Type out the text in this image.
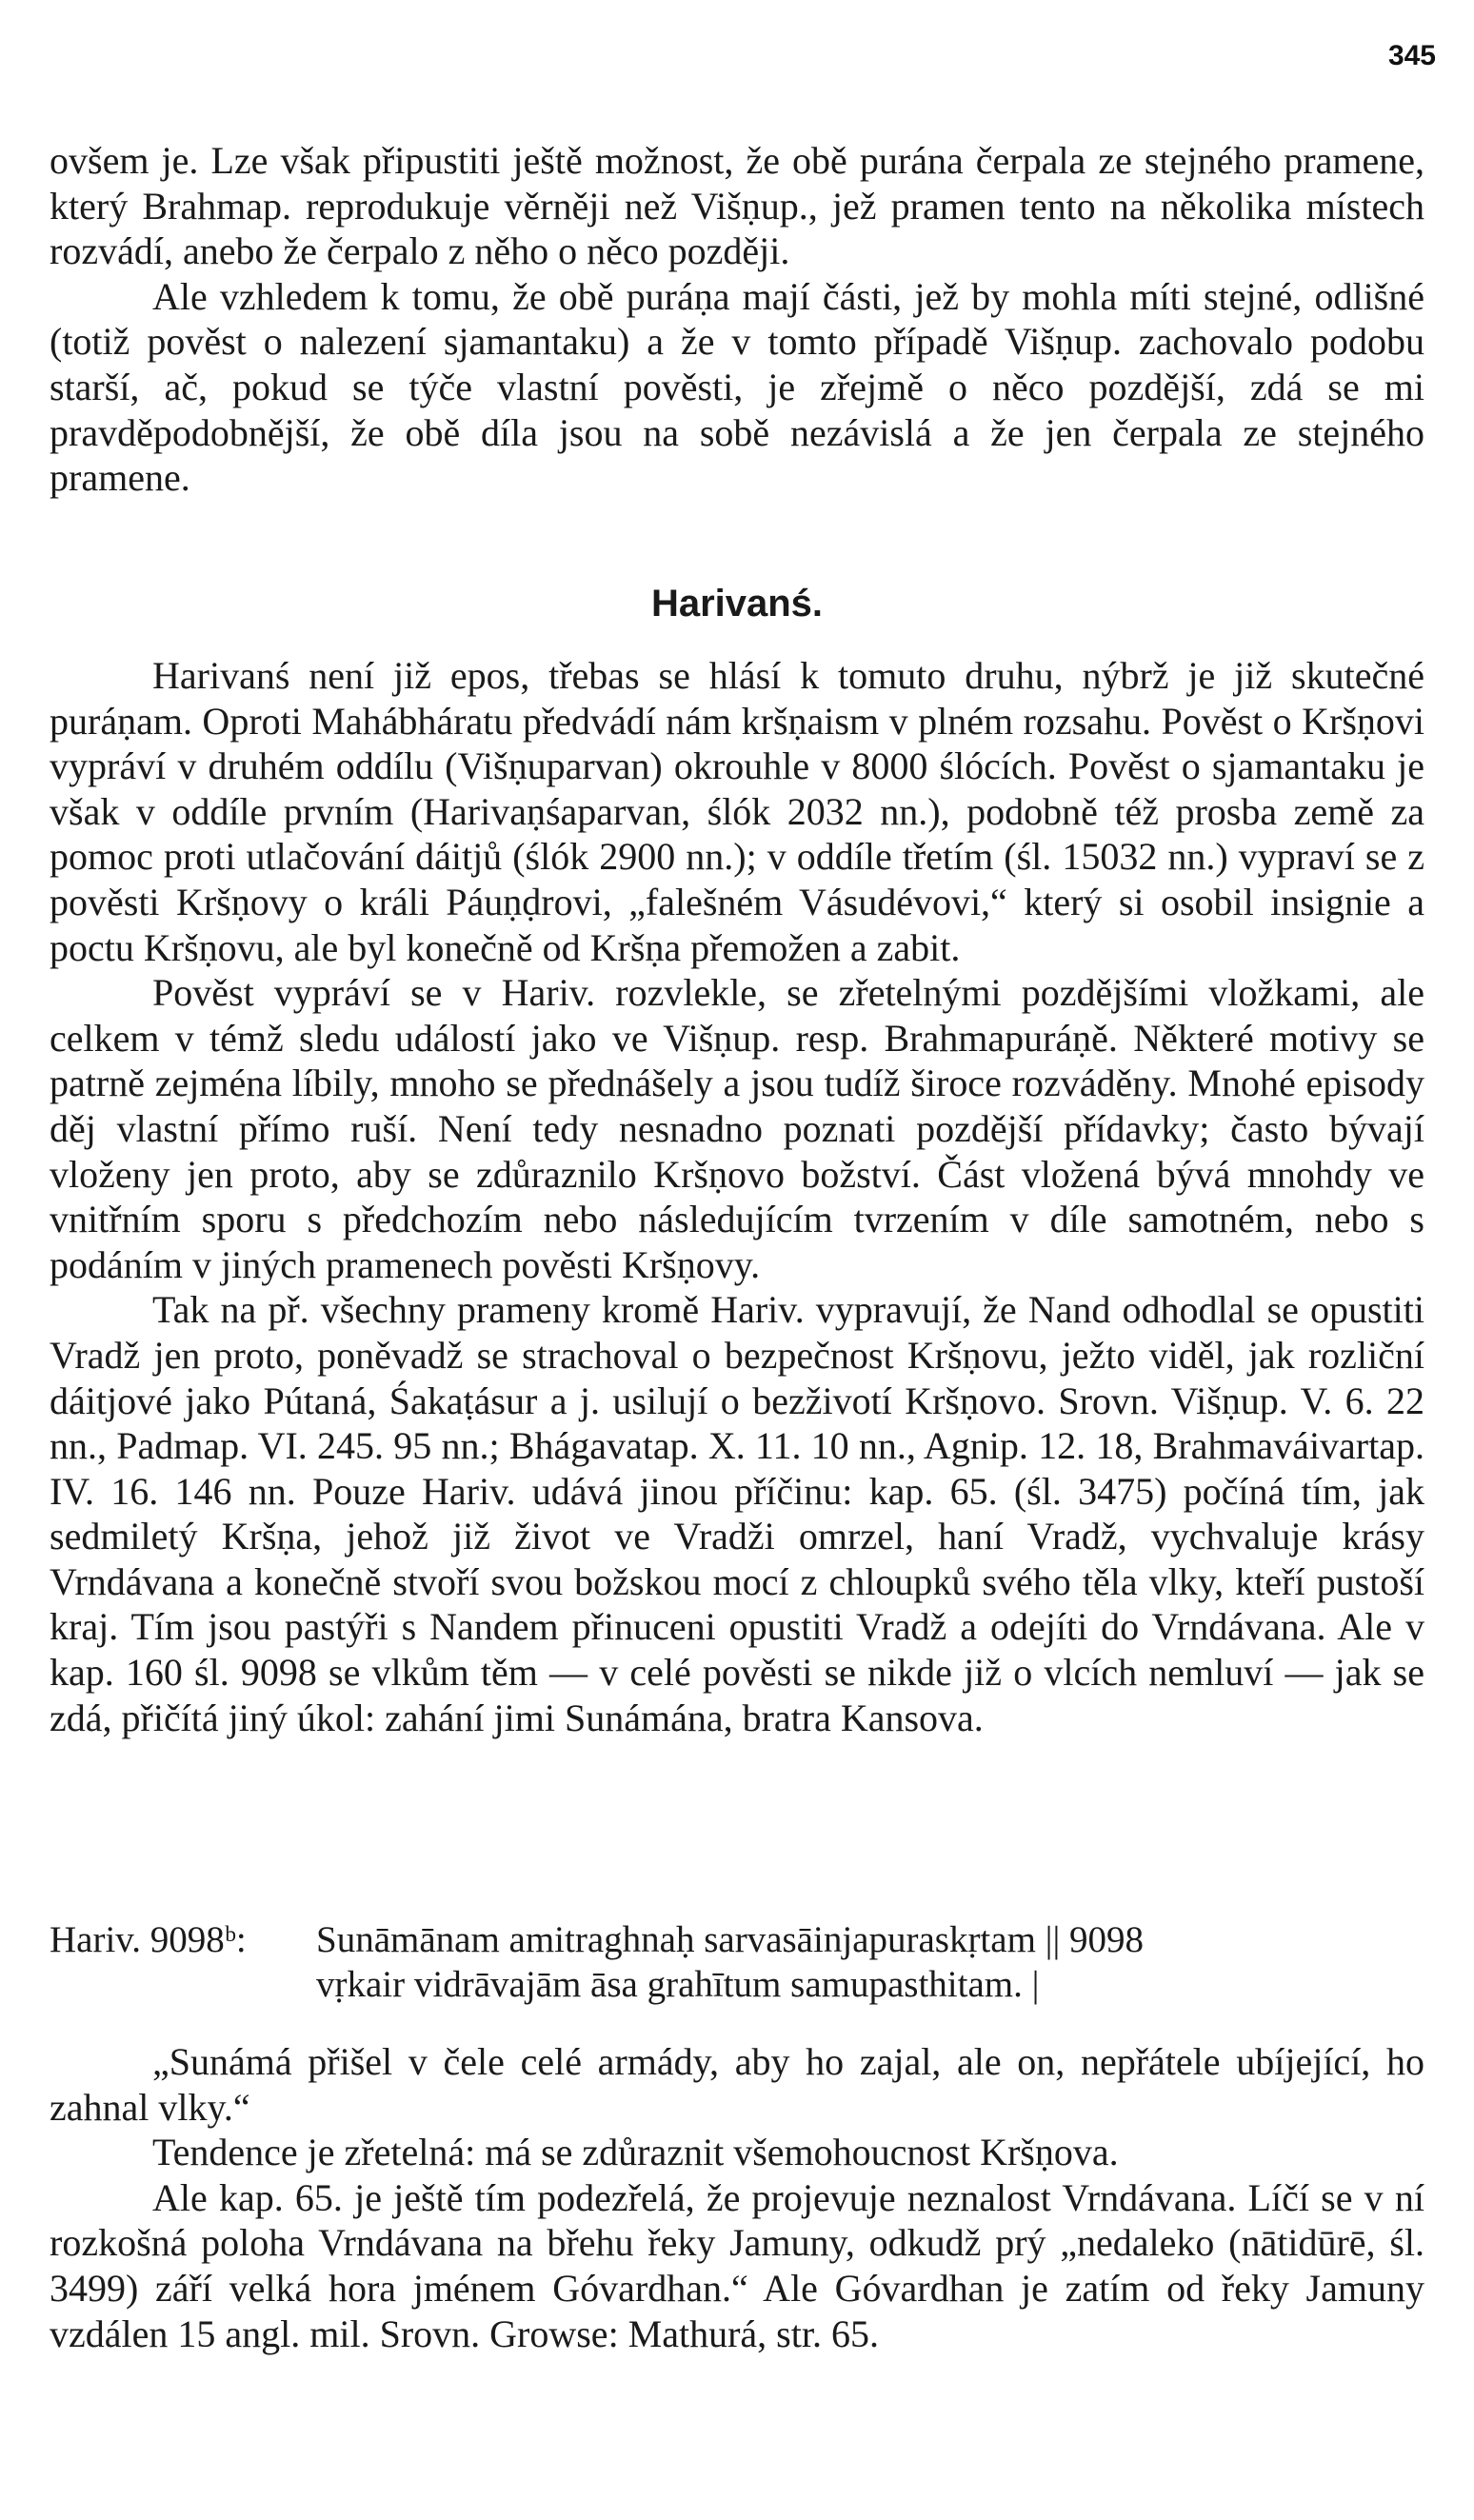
345

ovšem je. Lze však připustiti ještě možnost, že obě purána čerpala ze stejného pramene, který Brahmap. reprodukuje věrněji než Višṇup., jež pramen tento na několika místech rozvádí, anebo že čerpalo z něho o něco později.

Ale vzhledem k tomu, že obě puráṇa mají části, jež by mohla míti stejné, odlišné (totiž pověst o nalezení sjamantaku) a že v tomto případě Višṇup. zachovalo podobu starší, ač, pokud se týče vlastní pověsti, je zřejmě o něco pozdější, zdá se mi pravděpodobnější, že obě díla jsou na sobě nezávislá a že jen čerpala ze stejného pramene.

Harivanś.

Harivanś není již epos, třebas se hlásí k tomuto druhu, nýbrž je již skutečné puráṇam. Oproti Mahábháratu předvádí nám kršṇaism v plném rozsahu. Pověst o Kršṇovi vypráví v druhém oddílu (Višṇuparvan) okrouhle v 8000 ślócích. Pověst o sjamantaku je však v oddíle prvním (Harivaṇśaparvan, ślók 2032 nn.), podobně též prosba země za pomoc proti utlačování dáitjů (ślók 2900 nn.); v oddíle třetím (śl. 15032 nn.) vypraví se z pověsti Kršṇovy o králi Páuṇḍrovi, „falešném Vásudévovi,“ který si osobil insignie a poctu Kršṇovu, ale byl konečně od Kršṇa přemožen a zabit.

Pověst vypráví se v Hariv. rozvlekle, se zřetelnými pozdějšími vložkami, ale celkem v témž sledu událostí jako ve Višṇup. resp. Brahmapuráṇě. Některé motivy se patrně zejména líbily, mnoho se přednášely a jsou tudíž široce rozváděny. Mnohé episody děj vlastní přímo ruší. Není tedy nesnadno poznati pozdější přídavky; často bývají vloženy jen proto, aby se zdůraznilo Kršṇovo božství. Část vložená bývá mnohdy ve vnitřním sporu s předchozím nebo následujícím tvrzením v díle samotném, nebo s podáním v jiných pramenech pověsti Kršṇovy.

Tak na př. všechny prameny kromě Hariv. vypravují, že Nand odhodlal se opustiti Vradž jen proto, poněvadž se strachoval o bezpečnost Kršṇovu, ježto viděl, jak rozliční dáitjové jako Pútaná, Śakaṭásur a j. usilují o bezživotí Kršṇovo. Srovn. Višṇup. V. 6. 22 nn., Padmap. VI. 245. 95 nn.; Bhágavatap. X. 11. 10 nn., Agnip. 12. 18, Brahmaváivartap. IV. 16. 146 nn. Pouze Hariv. udává jinou příčinu: kap. 65. (śl. 3475) počíná tím, jak sedmiletý Kršṇa, jehož již život ve Vradži omrzel, haní Vradž, vychvaluje krásy Vrndávana a konečně stvoří svou božskou mocí z chloupků svého těla vlky, kteří pustoší kraj. Tím jsou pastýři s Nandem přinuceni opustiti Vradž a odejíti do Vrndávana. Ale v kap. 160 śl. 9098 se vlkům těm — v celé pověsti se nikde již o vlcích nemluví — jak se zdá, přičítá jiný úkol: zahání jimi Sunámána, bratra Kansova.

Hariv. 9098ᵇ:	Sunāmānam amitraghnaḥ sarvasāinjapuraskṛtam || 9098
vṛkair vidrāvajām āsa grahītum samupasthitam. |

„Sunámá přišel v čele celé armády, aby ho zajal, ale on, nepřátele ubíjející, ho zahnal vlky.“

Tendence je zřetelná: má se zdůraznit všemohoucnost Kršṇova.

Ale kap. 65. je ještě tím podezřelá, že projevuje neznalost Vrndávana. Líčí se v ní rozkošná poloha Vrndávana na břehu řeky Jamuny, odkudž prý „nedaleko (nātidūrē, śl. 3499) září velká hora jménem Góvardhan.“ Ale Góvardhan je zatím od řeky Jamuny vzdálen 15 angl. mil. Srovn. Growse: Mathurá, str. 65.
